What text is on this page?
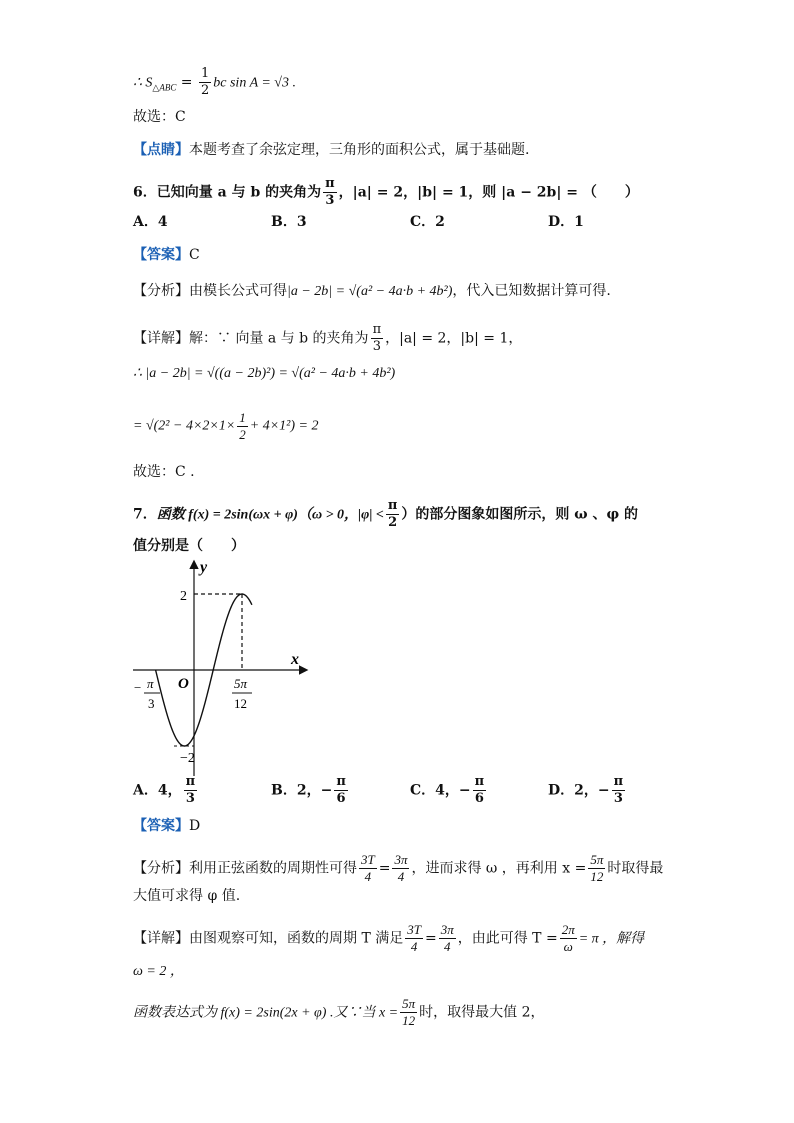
∴ $S_{\triangle ABC} = \frac{1}{2}$ bc sin A = √3 .
故选：C
【点睛】本题考查了余弦定理，三角形的面积公式，属于基础题.
6．已知向量 a 与 b 的夹角为 $\frac{\pi}{3}$ ，|a| = 2，|b| = 1，则 |a − 2b| = （　　）
A．4	B．3	C．2	D．1
【答案】C
【分析】由模长公式可得|a − 2b| = √(a² − 4a·b + 4b²)，代入已知数据计算可得.
【详解】解：∵ 向量 a 与 b 的夹角为 $\frac{\pi}{3}$ ，|a| = 2，|b| = 1，
∴ |a − 2b| = √((a − 2b)²) = √(a² − 4a·b + 4b²)
= $√(2^2 - 4\times 2\times 1\times \frac{1}{2} + 4\times 1^2) = 2$
故选：C .
7．函数 f(x) = 2sin(ωx + φ)（ω > 0，$|\varphi| < \frac{\pi}{2}$ ）的部分图象如图所示，则 ω 、φ 的
值分别是（　　）
x
y
O
2
−2
− π
3
5π
12
A．4， $\frac{\pi}{3}$	B．2，− $\frac{\pi}{6}$	C．4，− $\frac{\pi}{6}$	D．2，− $\frac{\pi}{3}$
【答案】D
【分析】利用正弦函数的周期性可得 $\frac{3T}{4} = \frac{3\pi}{4}$ ，进而求得 ω ，再利用 $x = \frac{5\pi}{12}$ 时取得最
大值可求得 φ 值.
【详解】由图观察可知，函数的周期 T 满足 $\frac{3T}{4} = \frac{3\pi}{4}$ ，由此可得 $T = \frac{2\pi}{\omega} = \pi$ ，解得
ω = 2 ，
函数表达式为 f(x) = 2sin(2x + φ) .又∵当 $x = \frac{5\pi}{12}$ 时，取得最大值 2，
